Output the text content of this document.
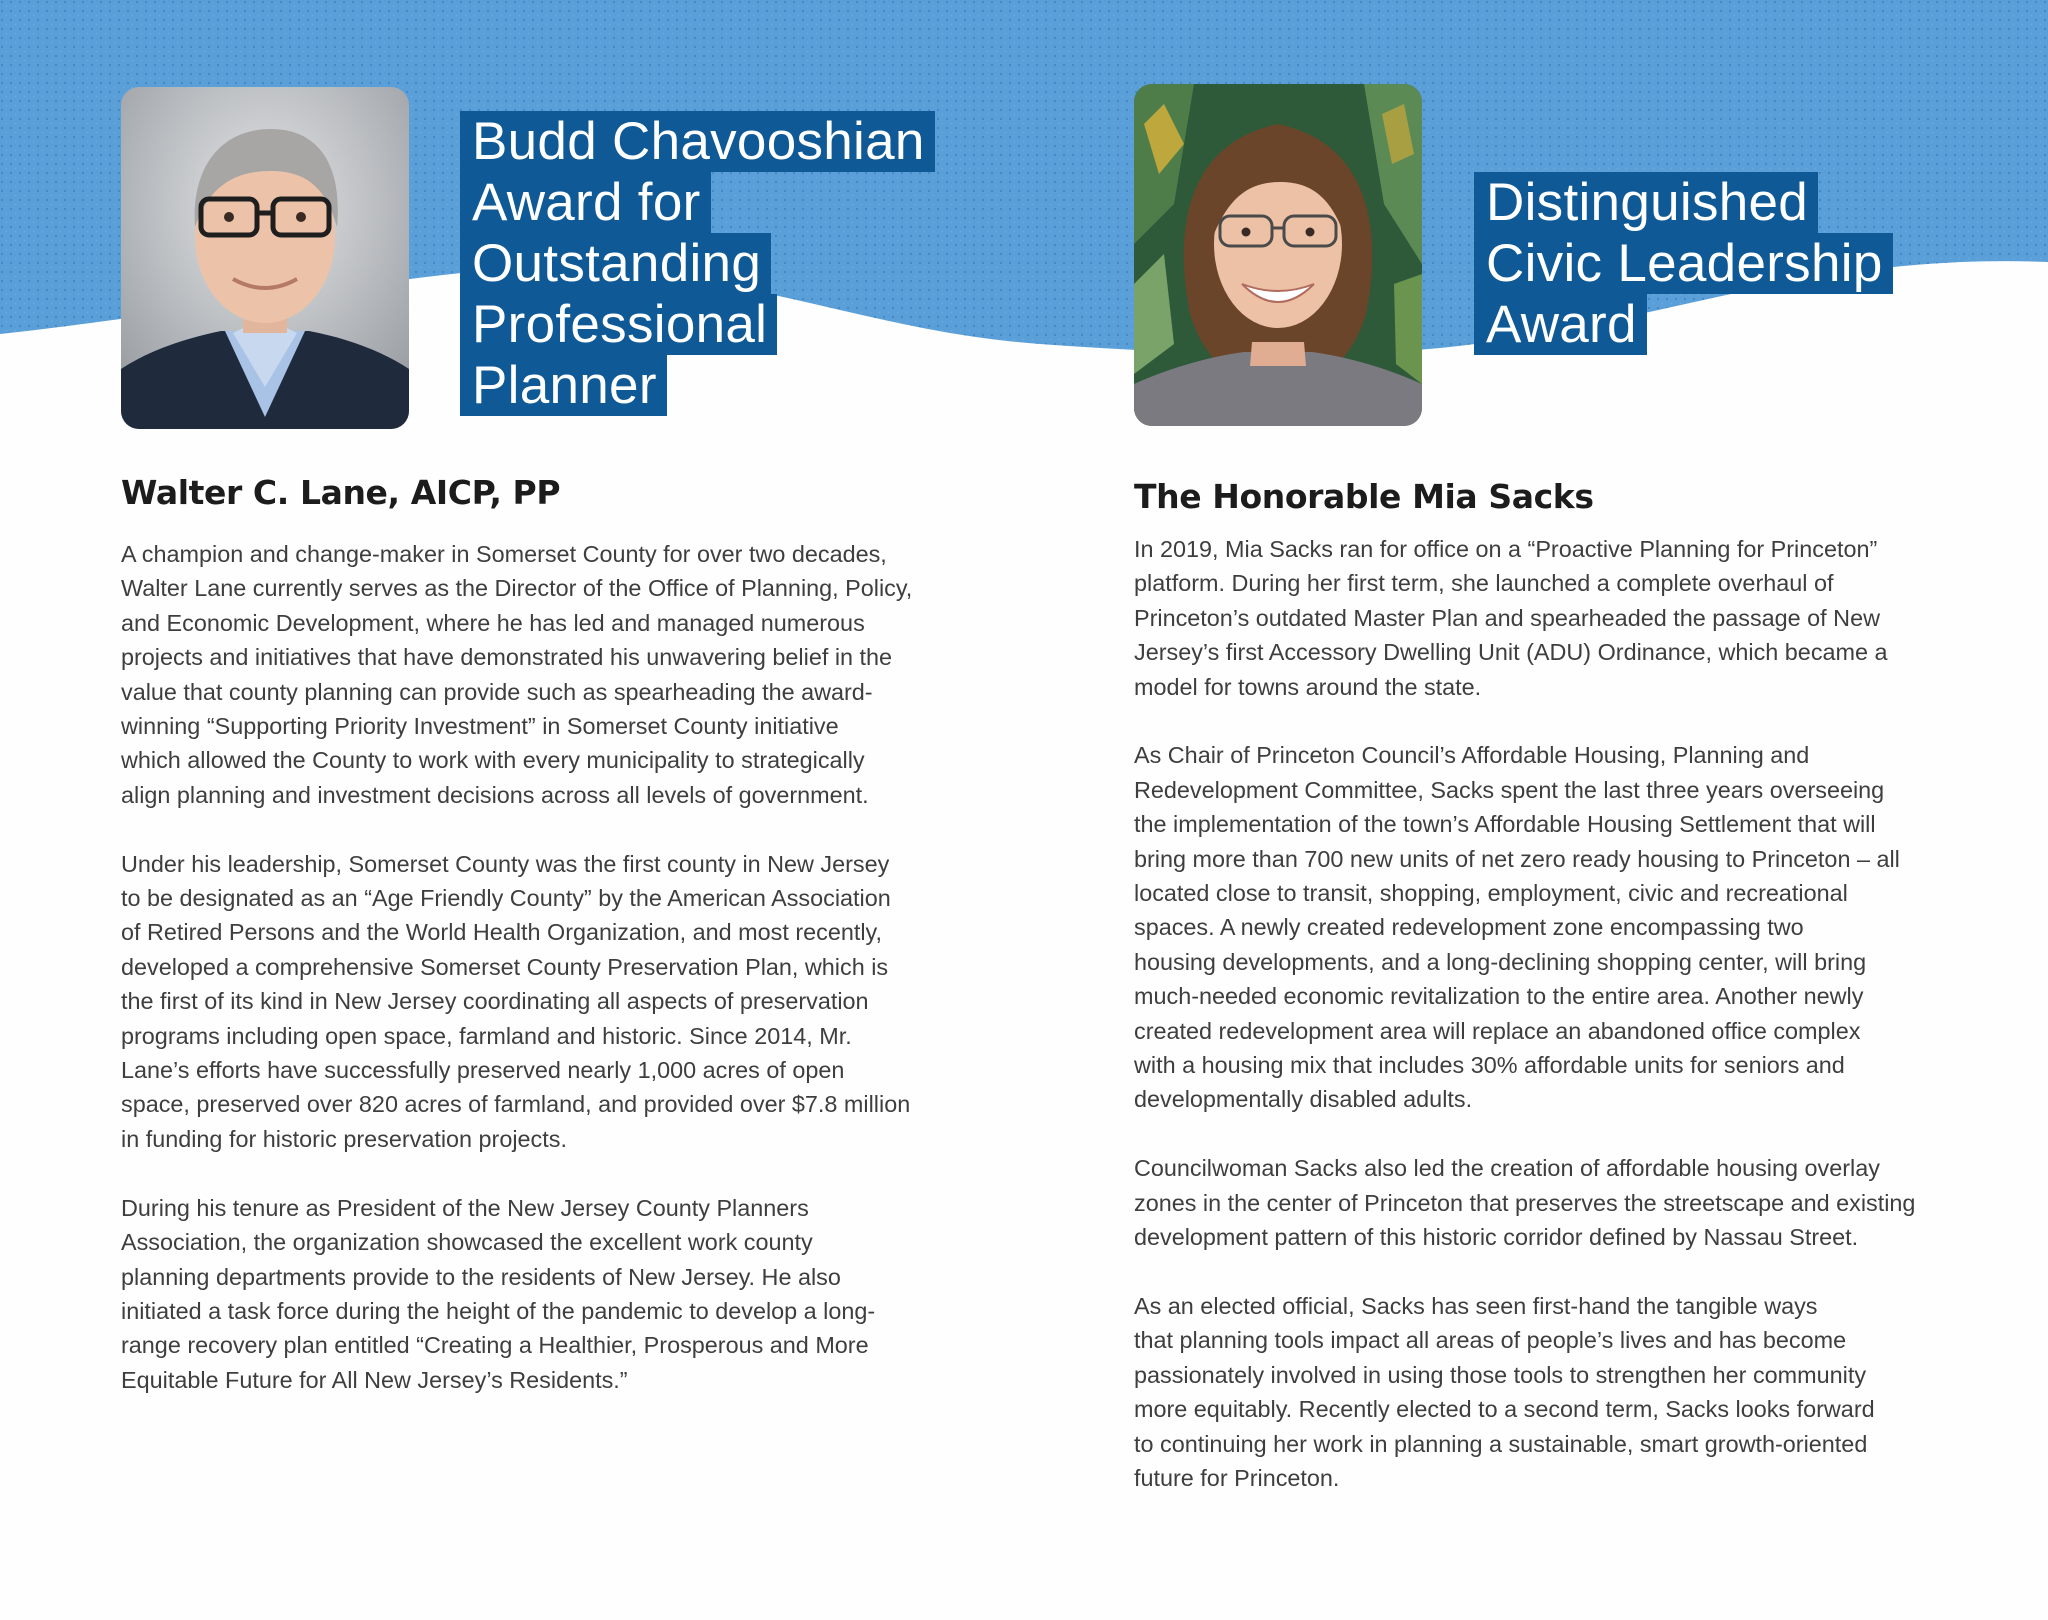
Budd Chavooshian
Award for
Outstanding
Professional
Planner
Walter C. Lane, AICP, PP

A champion and change-maker in Somerset County for over two decades,
Walter Lane currently serves as the Director of the Office of Planning, Policy,
and Economic Development, where he has led and managed numerous
projects and initiatives that have demonstrated his unwavering belief in the
value that county planning can provide such as spearheading the award-
winning “Supporting Priority Investment” in Somerset County initiative
which allowed the County to work with every municipality to strategically
align planning and investment decisions across all levels of government.

Under his leadership, Somerset County was the first county in New Jersey
to be designated as an “Age Friendly County” by the American Association
of Retired Persons and the World Health Organization, and most recently,
developed a comprehensive Somerset County Preservation Plan, which is
the first of its kind in New Jersey coordinating all aspects of preservation
programs including open space, farmland and historic. Since 2014, Mr.
Lane’s efforts have successfully preserved nearly 1,000 acres of open
space, preserved over 820 acres of farmland, and provided over $7.8 million
in funding for historic preservation projects.

During his tenure as President of the New Jersey County Planners
Association, the organization showcased the excellent work county
planning departments provide to the residents of New Jersey. He also
initiated a task force during the height of the pandemic to develop a long-
range recovery plan entitled “Creating a Healthier, Prosperous and More
Equitable Future for All New Jersey’s Residents.”

Distinguished
Civic Leadership
Award
The Honorable Mia Sacks

In 2019, Mia Sacks ran for office on a “Proactive Planning for Princeton”
platform. During her first term, she launched a complete overhaul of
Princeton’s outdated Master Plan and spearheaded the passage of New
Jersey’s first Accessory Dwelling Unit (ADU) Ordinance, which became a
model for towns around the state.

As Chair of Princeton Council’s Affordable Housing, Planning and
Redevelopment Committee, Sacks spent the last three years overseeing
the implementation of the town’s Affordable Housing Settlement that will
bring more than 700 new units of net zero ready housing to Princeton – all
located close to transit, shopping, employment, civic and recreational
spaces. A newly created redevelopment zone encompassing two
housing developments, and a long-declining shopping center, will bring
much-needed economic revitalization to the entire area. Another newly
created redevelopment area will replace an abandoned office complex
with a housing mix that includes 30% affordable units for seniors and
developmentally disabled adults.

Councilwoman Sacks also led the creation of affordable housing overlay
zones in the center of Princeton that preserves the streetscape and existing
development pattern of this historic corridor defined by Nassau Street.

As an elected official, Sacks has seen first-hand the tangible ways
that planning tools impact all areas of people’s lives and has become
passionately involved in using those tools to strengthen her community
more equitably. Recently elected to a second term, Sacks looks forward
to continuing her work in planning a sustainable, smart growth-oriented
future for Princeton.
